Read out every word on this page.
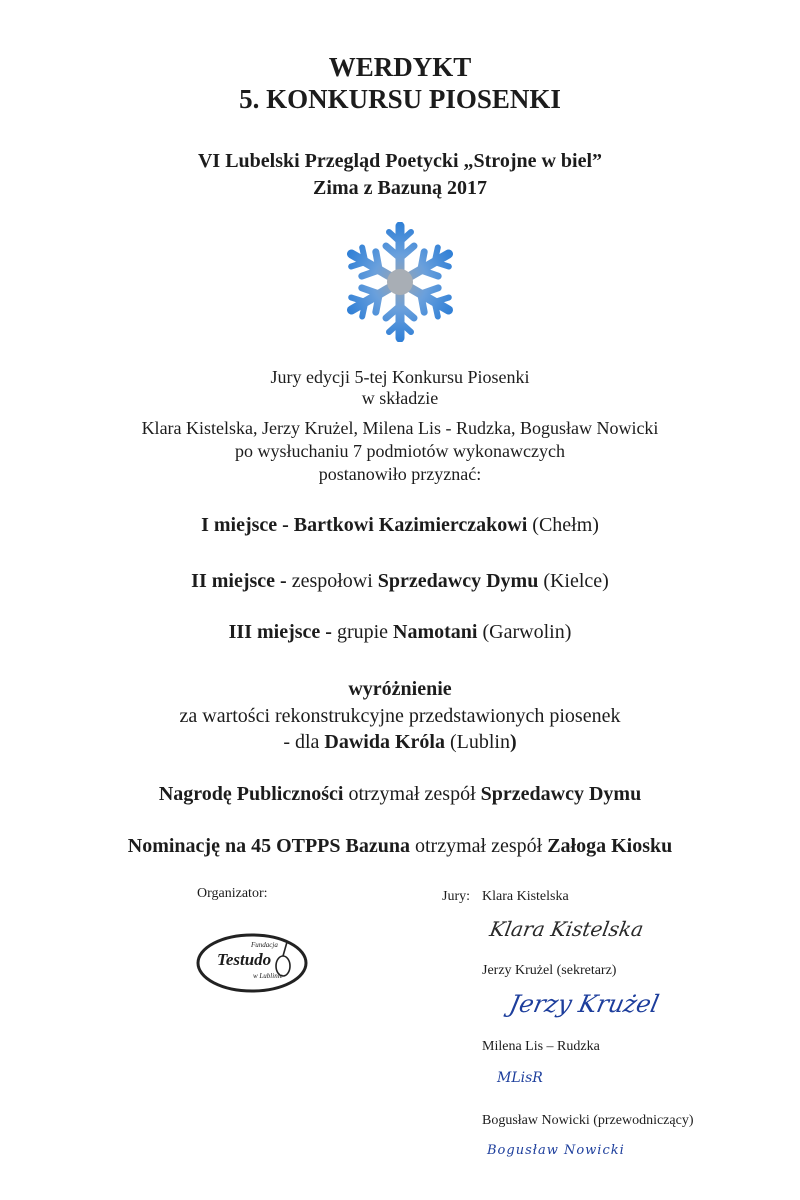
WERDYKT
5. KONKURSU PIOSENKI
VI Lubelski Przegląd Poetycki „Strojne w biel”
Zima z Bazuną 2017
Jury edycji 5-tej Konkursu Piosenki
w składzie
Klara Kistelska, Jerzy Krużel, Milena Lis - Rudzka, Bogusław Nowicki
po wysłuchaniu 7 podmiotów wykonawczych
postanowiło przyznać:
I miejsce - Bartkowi Kazimierczakowi (Chełm)
II miejsce - zespołowi Sprzedawcy Dymu (Kielce)
III miejsce - grupie Namotani (Garwolin)
wyróżnienie
za wartości rekonstrukcyjne przedstawionych piosenek
- dla Dawida Króla (Lublin)
Nagrodę Publiczności otrzymał zespół Sprzedawcy Dymu
Nominację na 45 OTPPS Bazuna otrzymał zespół Załoga Kiosku
Organizator:
Fundacja
Testudo
w Lublinie
Jury: Klara Kistelska
Klara Kistelska
Jerzy Krużel (sekretarz)
Jerzy Krużel
Milena Lis – Rudzka
MLisR
Bogusław Nowicki (przewodniczący)
Bogusław Nowicki
